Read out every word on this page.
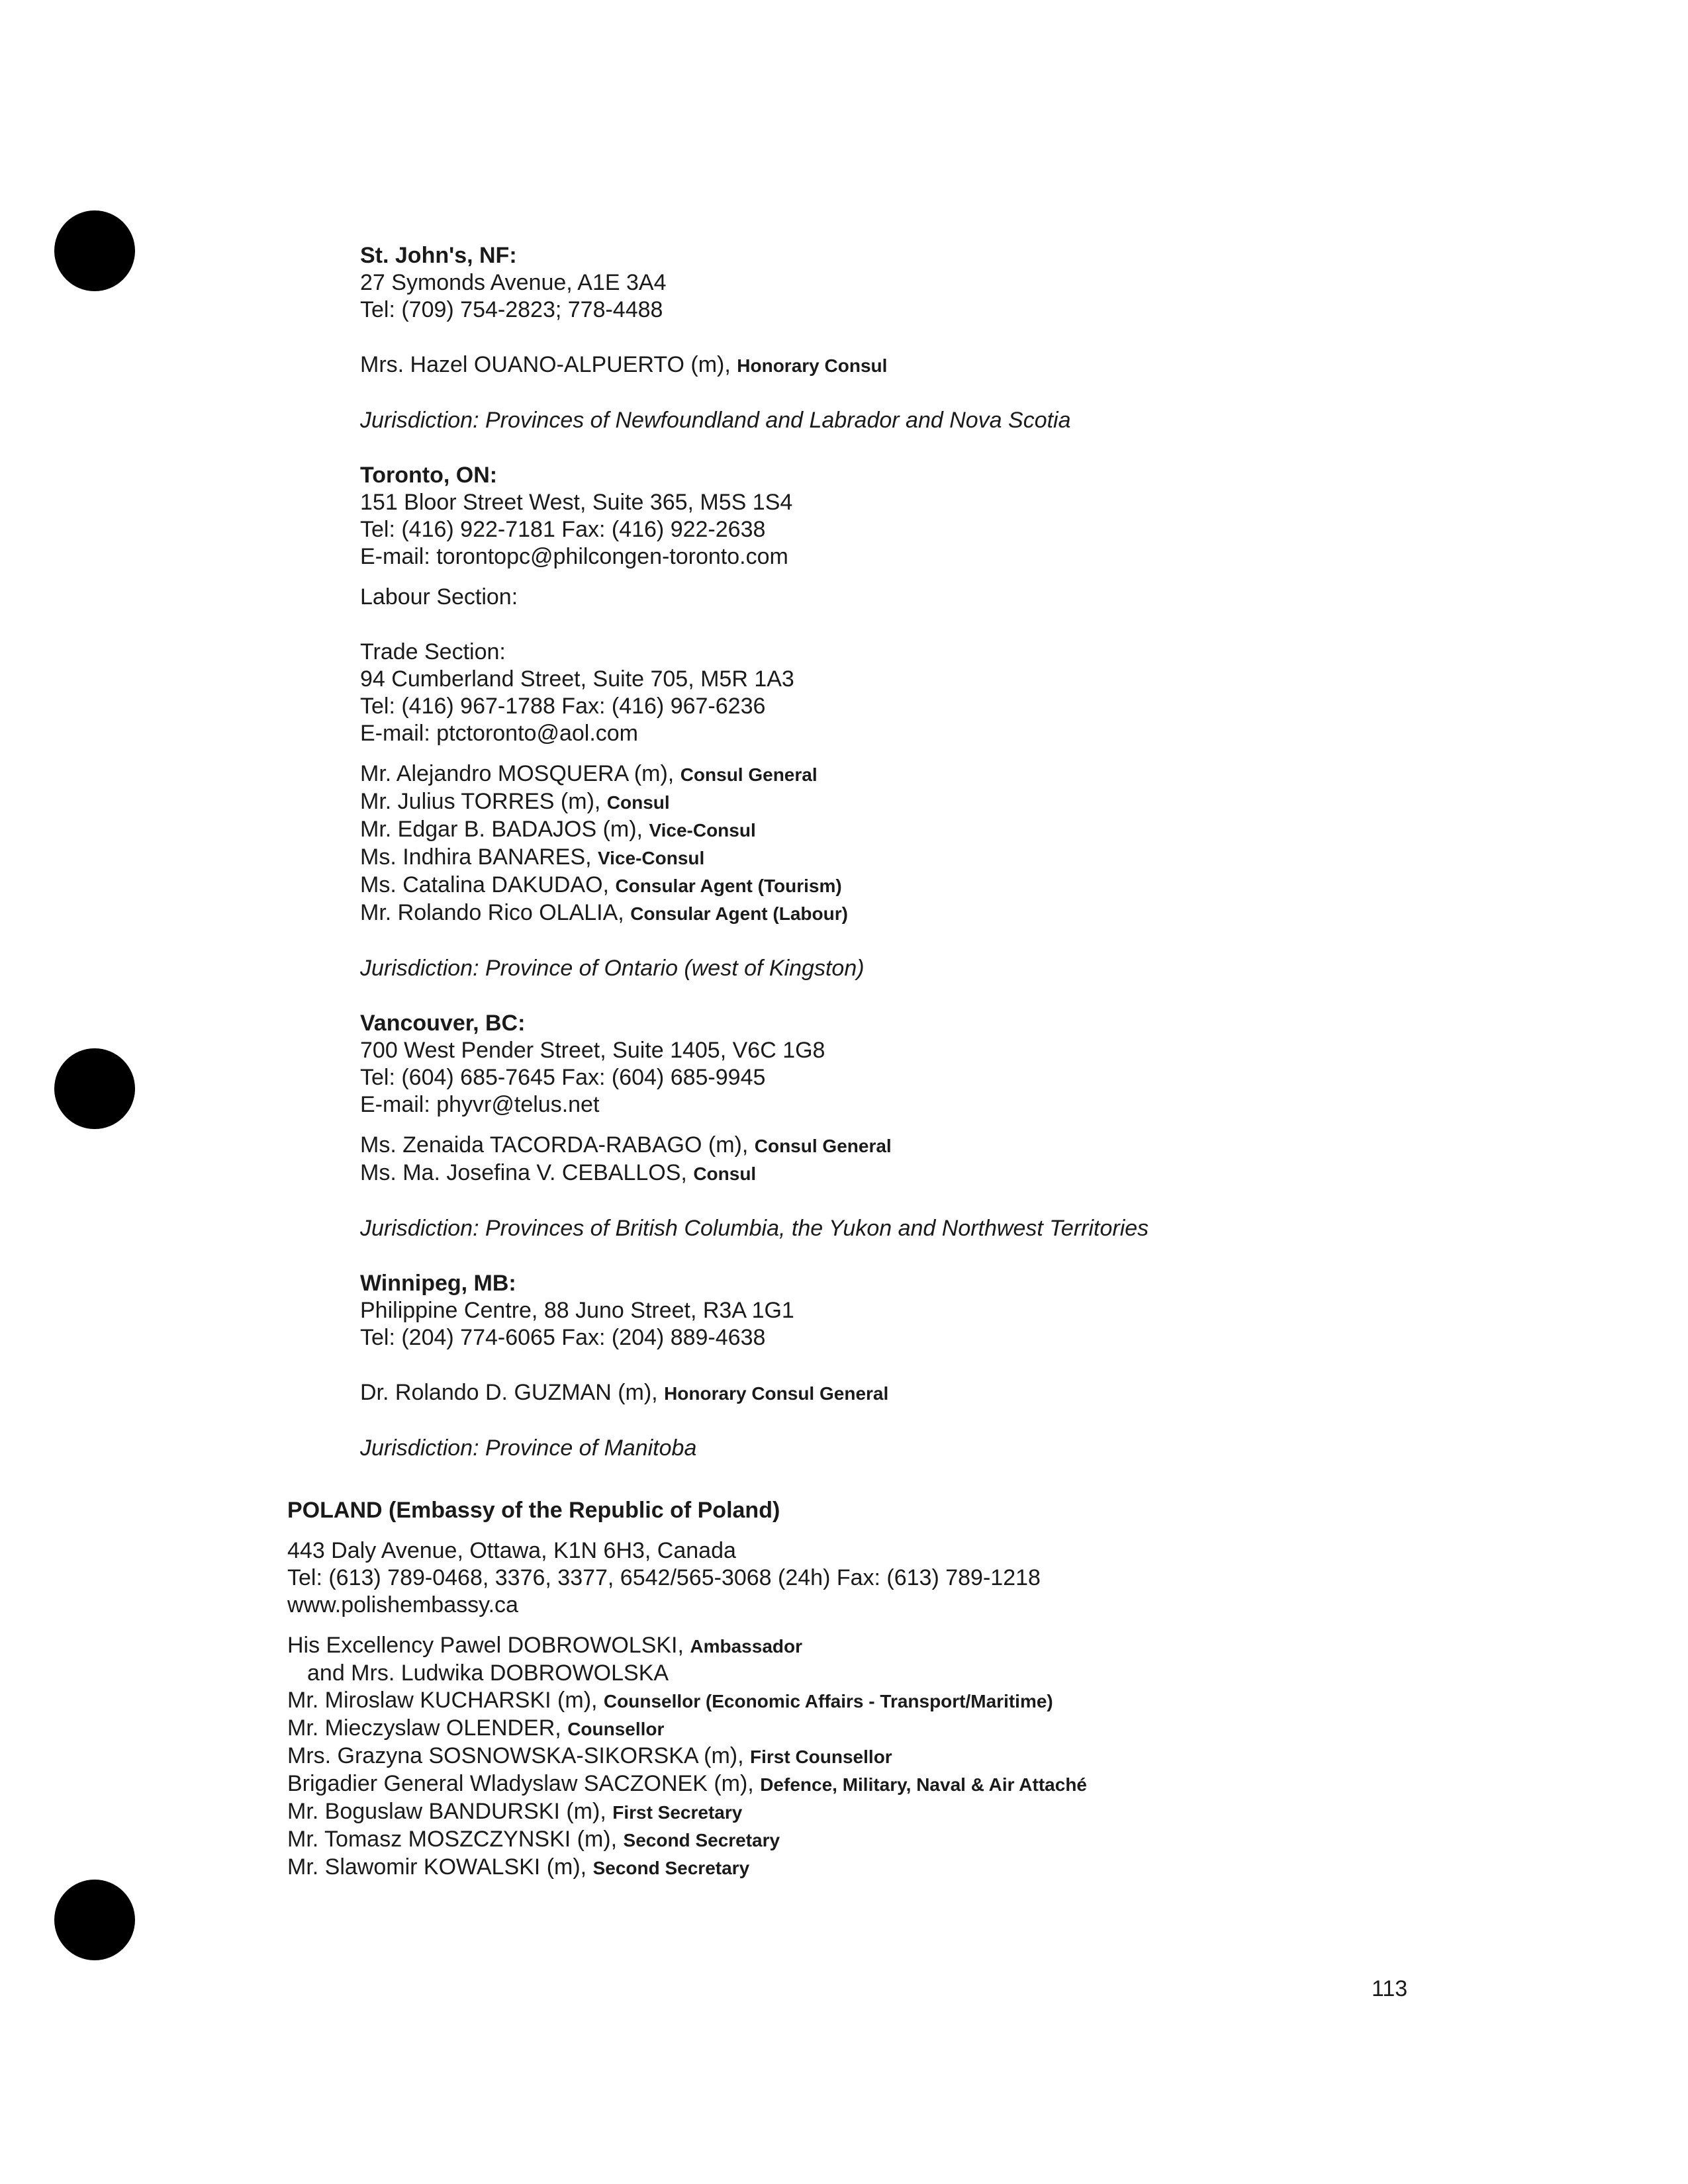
St. John's, NF:
27 Symonds Avenue, A1E 3A4
Tel: (709) 754-2823; 778-4488
Mrs. Hazel OUANO-ALPUERTO (m), Honorary Consul
Jurisdiction: Provinces of Newfoundland and Labrador and Nova Scotia
Toronto, ON:
151 Bloor Street West, Suite 365, M5S 1S4
Tel: (416) 922-7181 Fax: (416) 922-2638
E-mail: torontopc@philcongen-toronto.com
Labour Section:
Trade Section:
94 Cumberland Street, Suite 705, M5R 1A3
Tel: (416) 967-1788 Fax: (416) 967-6236
E-mail: ptctoronto@aol.com
Mr. Alejandro MOSQUERA (m), Consul General
Mr. Julius TORRES (m), Consul
Mr. Edgar B. BADAJOS (m), Vice-Consul
Ms. Indhira BANARES, Vice-Consul
Ms. Catalina DAKUDAO, Consular Agent (Tourism)
Mr. Rolando Rico OLALIA, Consular Agent (Labour)
Jurisdiction: Province of Ontario (west of Kingston)
Vancouver, BC:
700 West Pender Street, Suite 1405, V6C 1G8
Tel: (604) 685-7645 Fax: (604) 685-9945
E-mail: phyvr@telus.net
Ms. Zenaida TACORDA-RABAGO (m), Consul General
Ms. Ma. Josefina V. CEBALLOS, Consul
Jurisdiction: Provinces of British Columbia, the Yukon and Northwest Territories
Winnipeg, MB:
Philippine Centre, 88 Juno Street, R3A 1G1
Tel: (204) 774-6065 Fax: (204) 889-4638
Dr. Rolando D. GUZMAN (m), Honorary Consul General
Jurisdiction: Province of Manitoba
POLAND (Embassy of the Republic of Poland)
443 Daly Avenue, Ottawa, K1N 6H3, Canada
Tel: (613) 789-0468, 3376, 3377, 6542/565-3068 (24h) Fax: (613) 789-1218
www.polishembassy.ca
His Excellency Pawel DOBROWOLSKI, Ambassador
and Mrs. Ludwika DOBROWOLSKA
Mr. Miroslaw KUCHARSKI (m), Counsellor (Economic Affairs - Transport/Maritime)
Mr. Mieczyslaw OLENDER, Counsellor
Mrs. Grazyna SOSNOWSKA-SIKORSKA (m), First Counsellor
Brigadier General Wladyslaw SACZONEK (m), Defence, Military, Naval & Air Attaché
Mr. Boguslaw BANDURSKI (m), First Secretary
Mr. Tomasz MOSZCZYNSKI (m), Second Secretary
Mr. Slawomir KOWALSKI (m), Second Secretary
113
